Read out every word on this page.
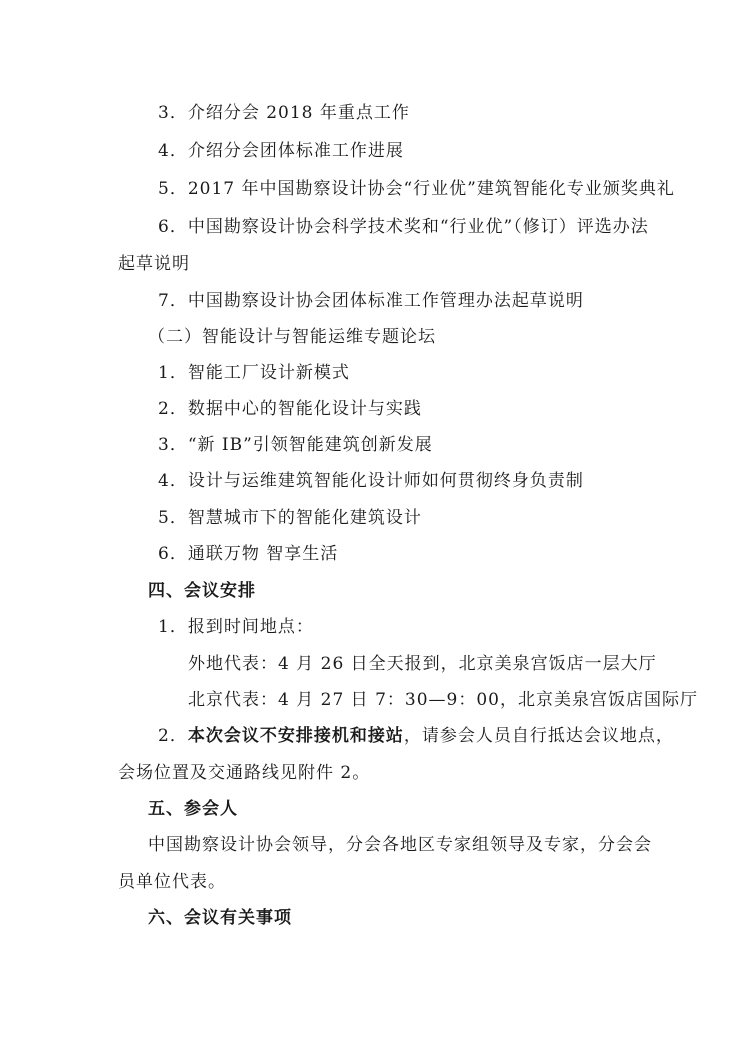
3．介绍分会 2018 年重点工作
4．介绍分会团体标准工作进展
5．2017 年中国勘察设计协会“行业优”建筑智能化专业颁奖典礼
6．中国勘察设计协会科学技术奖和“行业优”（修订）评选办法
起草说明
7．中国勘察设计协会团体标准工作管理办法起草说明
（二）智能设计与智能运维专题论坛
1．智能工厂设计新模式
2．数据中心的智能化设计与实践
3．“新 IB”引领智能建筑创新发展
4．设计与运维建筑智能化设计师如何贯彻终身负责制
5．智慧城市下的智能化建筑设计
6．通联万物 智享生活
四、会议安排
1．报到时间地点：
外地代表：4 月 26 日全天报到，北京美泉宫饭店一层大厅
北京代表：4 月 27 日 7：30—9：00，北京美泉宫饭店国际厅
2．本次会议不安排接机和接站，请参会人员自行抵达会议地点，
会场位置及交通路线见附件 2。
五、参会人
中国勘察设计协会领导，分会各地区专家组领导及专家，分会会
员单位代表。
六、会议有关事项
